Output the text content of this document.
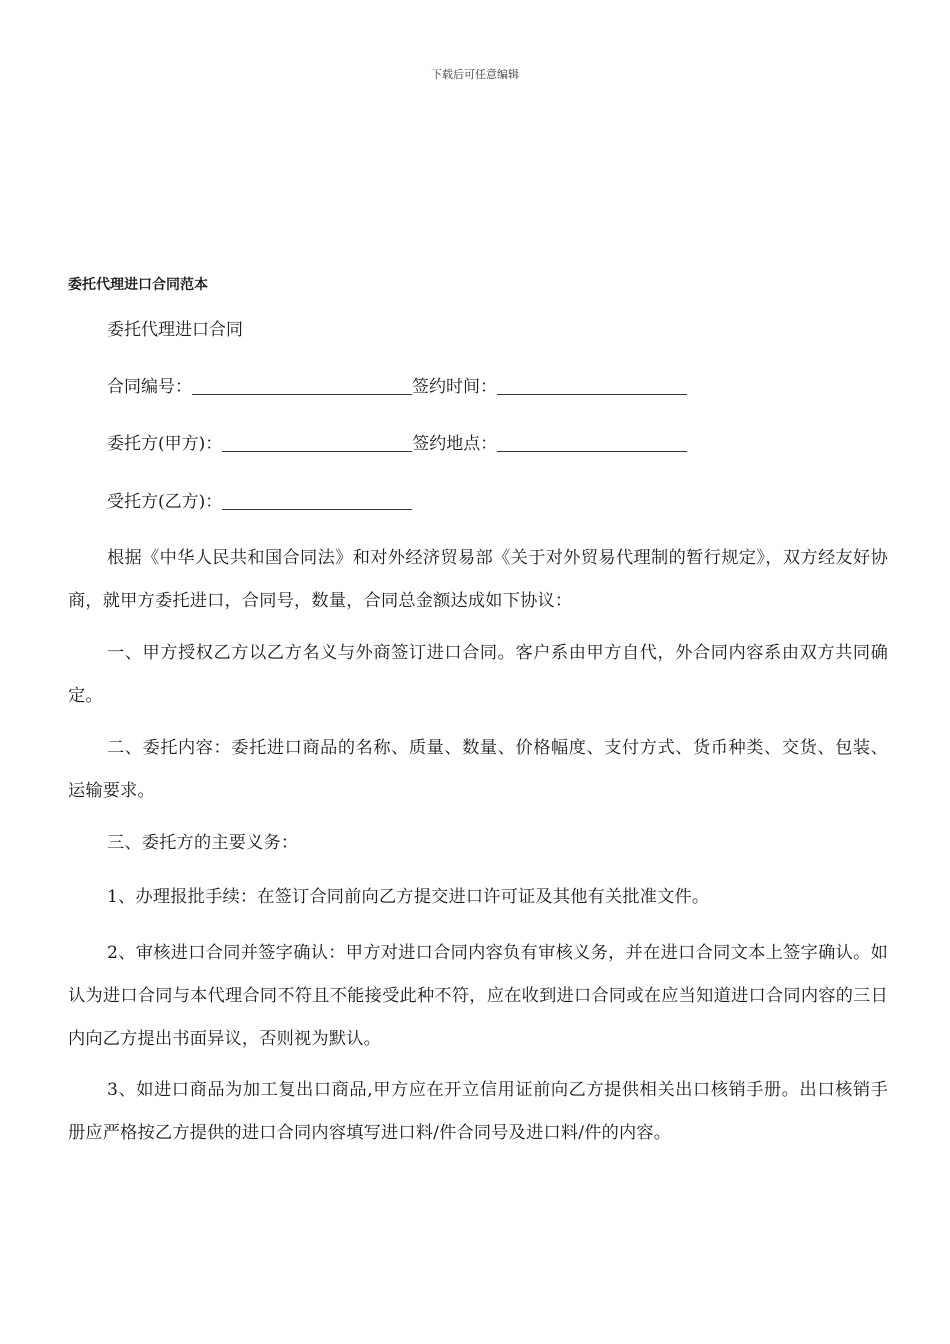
下载后可任意编辑
委托代理进口合同范本
委托代理进口合同
合同编号：	签约时间：
委托方(甲方)：	签约地点：
受托方(乙方)：
根据《中华人民共和国合同法》和对外经济贸易部《关于对外贸易代理制的暂行规定》，双方经友好协商，就甲方委托进口，合同号，数量，合同总金额达成如下协议：
一、甲方授权乙方以乙方名义与外商签订进口合同。客户系由甲方自代，外合同内容系由双方共同确定。
二、委托内容：委托进口商品的名称、质量、数量、价格幅度、支付方式、货币种类、交货、包装、运输要求。
三、委托方的主要义务：
1、办理报批手续：在签订合同前向乙方提交进口许可证及其他有关批准文件。
2、审核进口合同并签字确认：甲方对进口合同内容负有审核义务，并在进口合同文本上签字确认。如认为进口合同与本代理合同不符且不能接受此种不符，应在收到进口合同或在应当知道进口合同内容的三日内向乙方提出书面异议，否则视为默认。
3、如进口商品为加工复出口商品,甲方应在开立信用证前向乙方提供相关出口核销手册。出口核销手册应严格按乙方提供的进口合同内容填写进口料/件合同号及进口料/件的内容。
